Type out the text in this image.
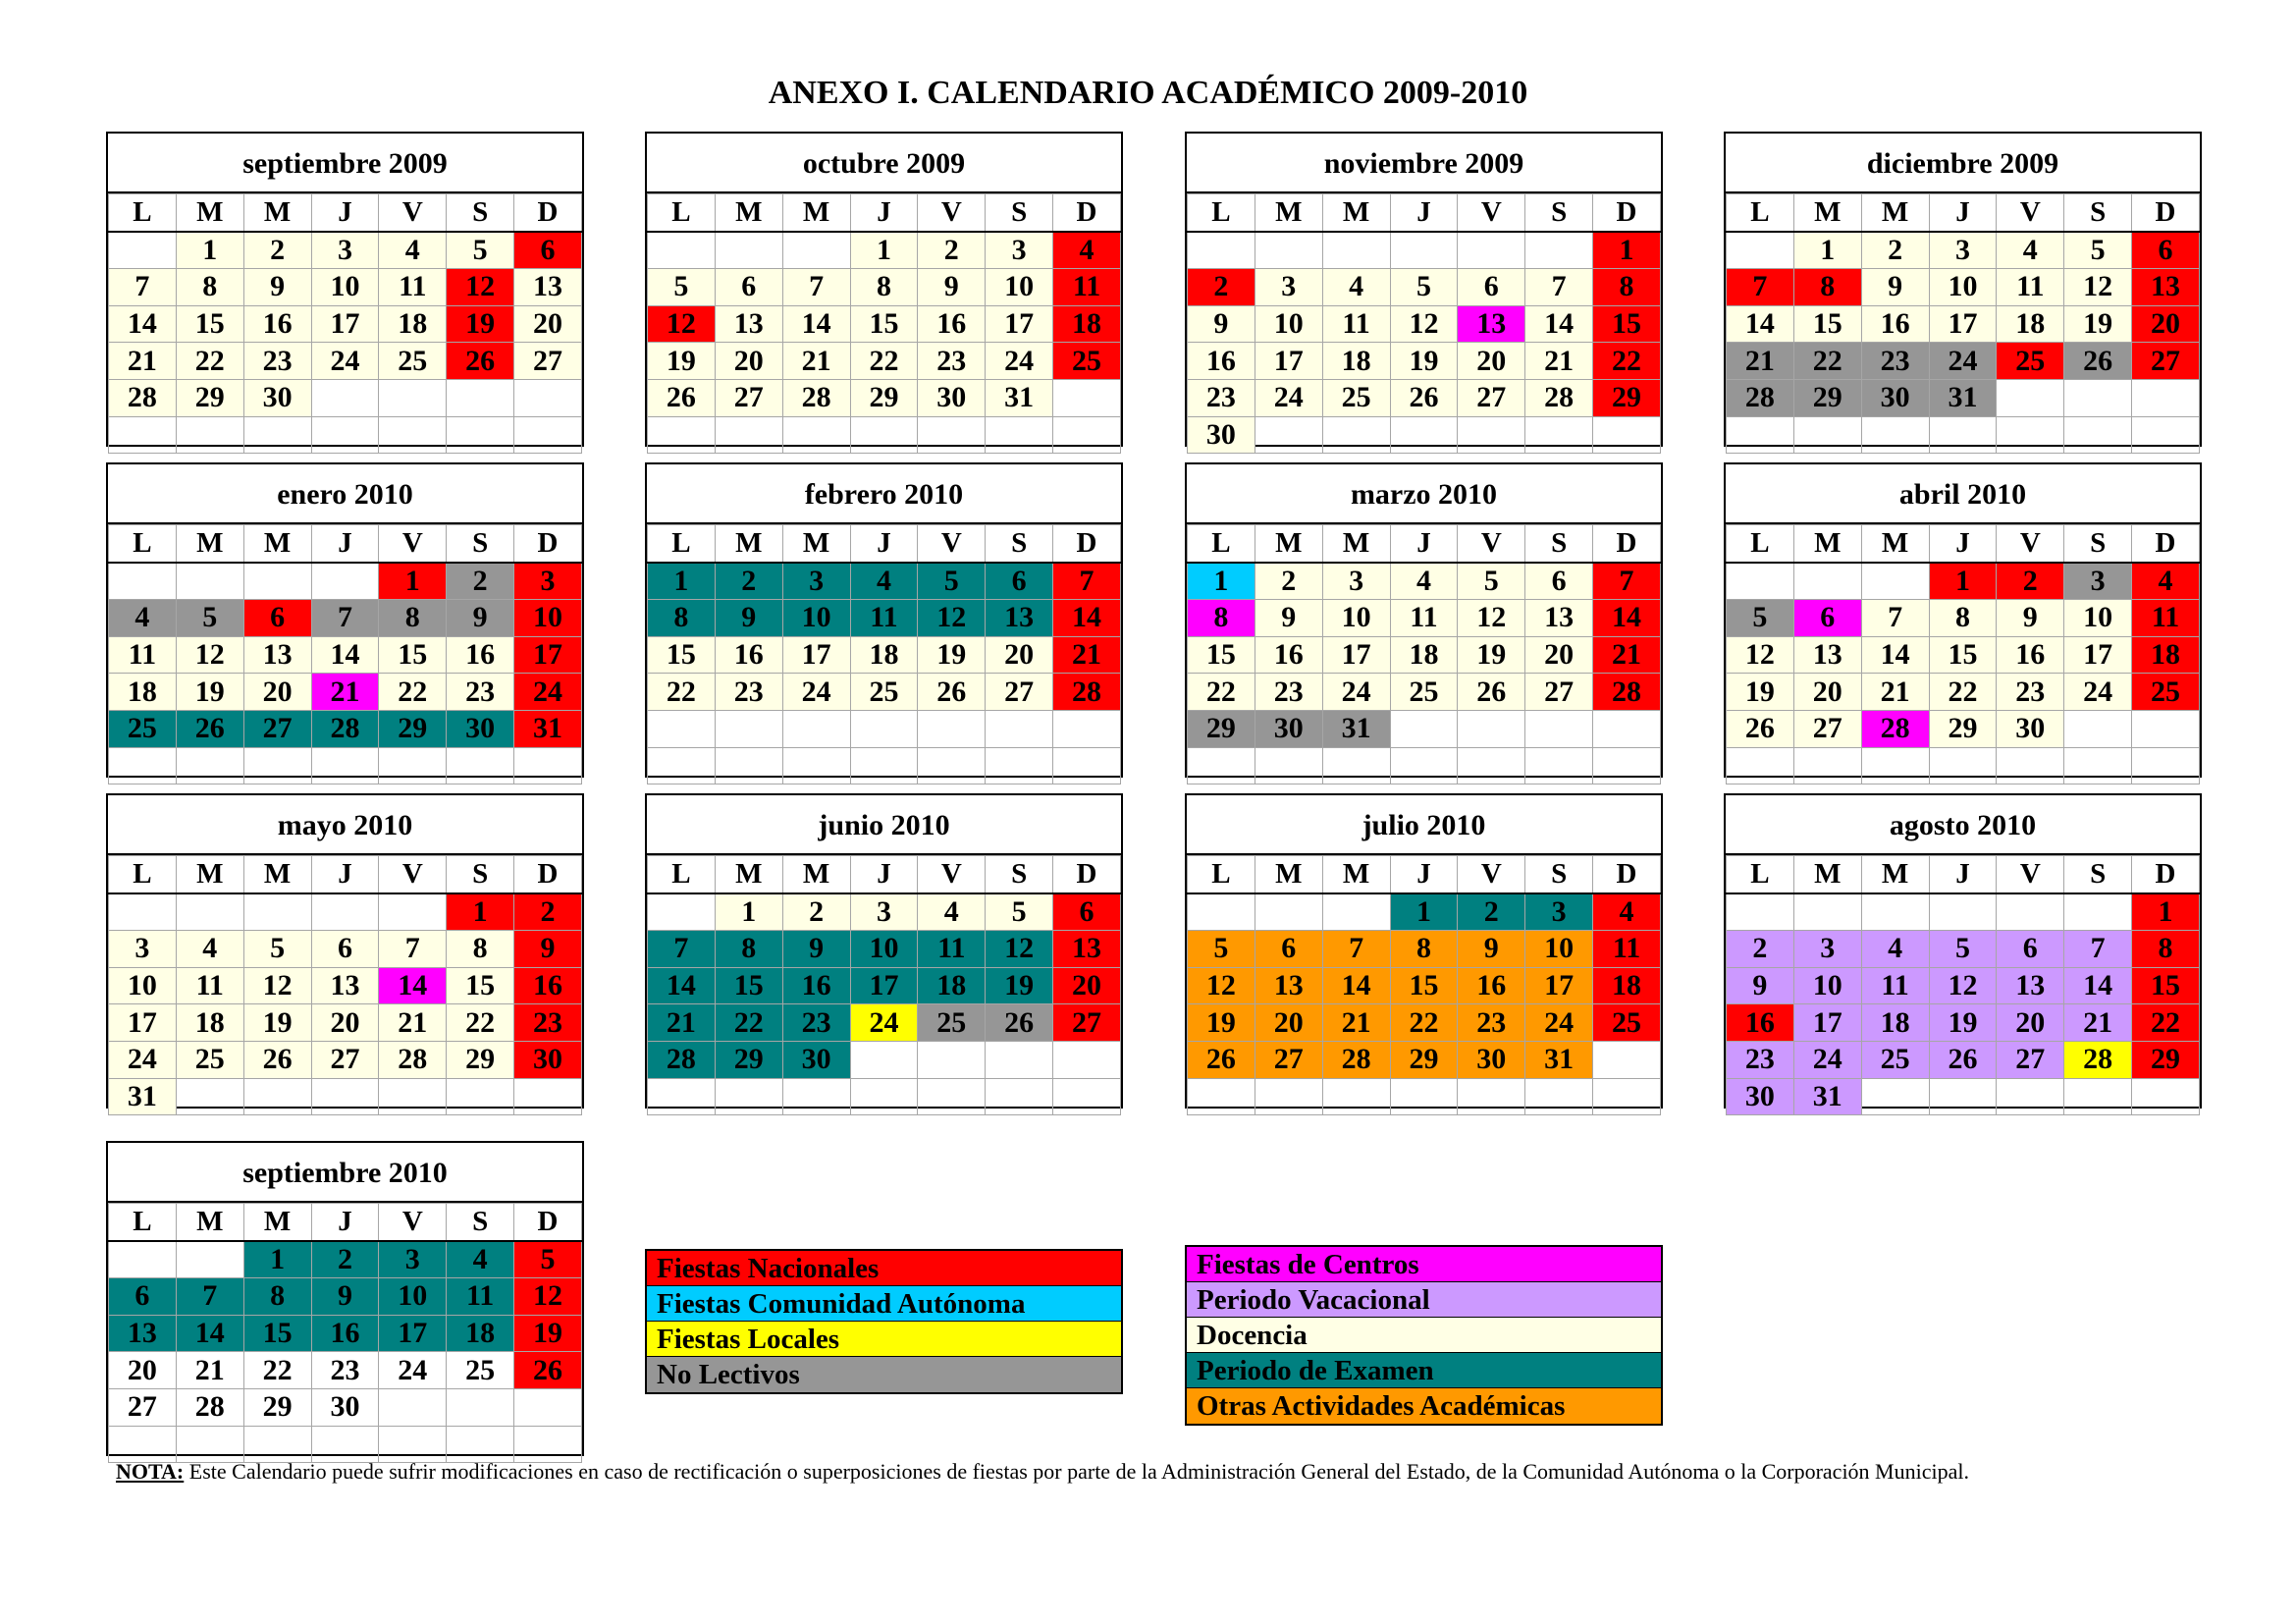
ANEXO I. CALENDARIO ACADÉMICO 2009-2010
septiembre 2009
L	M	M	J	V	S	D
	1	2	3	4	5	6
7	8	9	10	11	12	13
14	15	16	17	18	19	20
21	22	23	24	25	26	27
28	29	30				

octubre 2009
L	M	M	J	V	S	D
			1	2	3	4
5	6	7	8	9	10	11
12	13	14	15	16	17	18
19	20	21	22	23	24	25
26	27	28	29	30	31	

noviembre 2009
L	M	M	J	V	S	D
						1
2	3	4	5	6	7	8
9	10	11	12	13	14	15
16	17	18	19	20	21	22
23	24	25	26	27	28	29
30						
diciembre 2009
L	M	M	J	V	S	D
	1	2	3	4	5	6
7	8	9	10	11	12	13
14	15	16	17	18	19	20
21	22	23	24	25	26	27
28	29	30	31			

enero 2010
L	M	M	J	V	S	D
				1	2	3
4	5	6	7	8	9	10
11	12	13	14	15	16	17
18	19	20	21	22	23	24
25	26	27	28	29	30	31

febrero 2010
L	M	M	J	V	S	D
1	2	3	4	5	6	7
8	9	10	11	12	13	14
15	16	17	18	19	20	21
22	23	24	25	26	27	28

marzo 2010
L	M	M	J	V	S	D
1	2	3	4	5	6	7
8	9	10	11	12	13	14
15	16	17	18	19	20	21
22	23	24	25	26	27	28
29	30	31				

abril 2010
L	M	M	J	V	S	D
			1	2	3	4
5	6	7	8	9	10	11
12	13	14	15	16	17	18
19	20	21	22	23	24	25
26	27	28	29	30		

mayo 2010
L	M	M	J	V	S	D
					1	2
3	4	5	6	7	8	9
10	11	12	13	14	15	16
17	18	19	20	21	22	23
24	25	26	27	28	29	30
31						
junio 2010
L	M	M	J	V	S	D
	1	2	3	4	5	6
7	8	9	10	11	12	13
14	15	16	17	18	19	20
21	22	23	24	25	26	27
28	29	30				

julio 2010
L	M	M	J	V	S	D
			1	2	3	4
5	6	7	8	9	10	11
12	13	14	15	16	17	18
19	20	21	22	23	24	25
26	27	28	29	30	31	

agosto 2010
L	M	M	J	V	S	D
						1
2	3	4	5	6	7	8
9	10	11	12	13	14	15
16	17	18	19	20	21	22
23	24	25	26	27	28	29
30	31					
septiembre 2010
L	M	M	J	V	S	D
		1	2	3	4	5
6	7	8	9	10	11	12
13	14	15	16	17	18	19
20	21	22	23	24	25	26
27	28	29	30			

Fiestas Nacionales
Fiestas Comunidad Autónoma
Fiestas Locales
No Lectivos
Fiestas de Centros
Periodo Vacacional
Docencia
Periodo de Examen
Otras Actividades Académicas
NOTA: Este Calendario puede sufrir modificaciones en caso de rectificación o superposiciones de fiestas por parte de la Administración General del Estado, de la Comunidad Autónoma o la Corporación Municipal.
